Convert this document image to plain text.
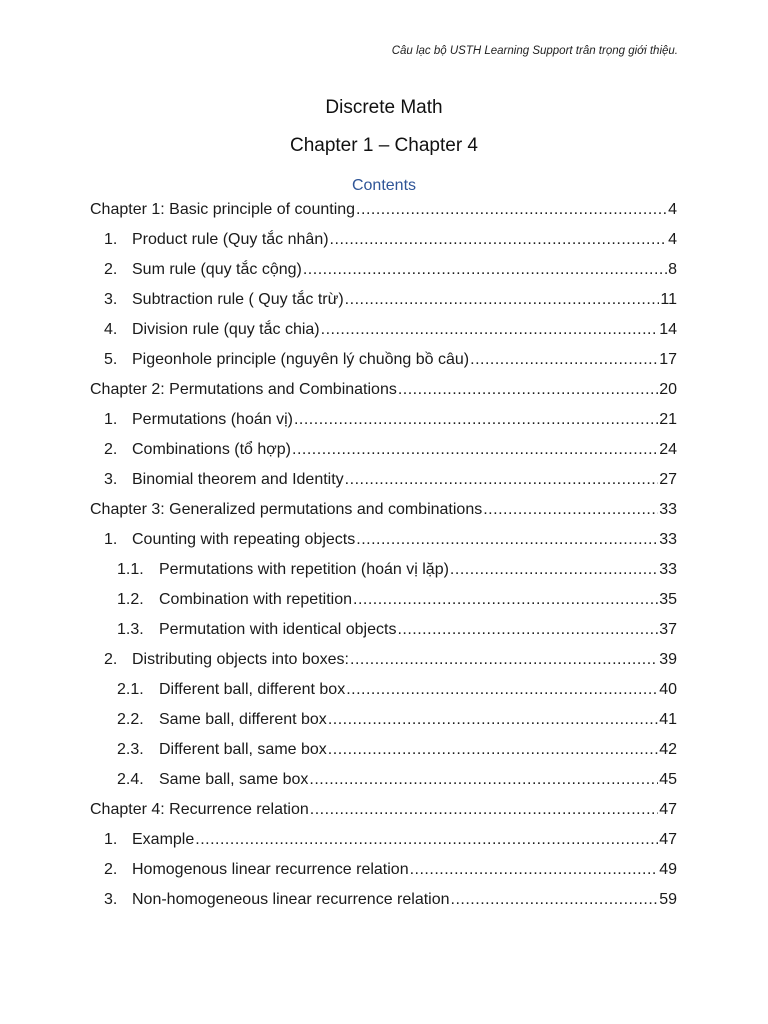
Câu lạc bộ USTH Learning Support trân trọng giới thiệu.
Discrete Math
Chapter 1 – Chapter 4
Contents
Chapter 1: Basic principle of counting .....	4
1. Product rule (Quy tắc nhân) .....	4
2. Sum rule (quy tắc cộng) .....	8
3. Subtraction rule ( Quy tắc trừ) .....	11
4. Division rule (quy tắc chia) .....	14
5. Pigeonhole principle (nguyên lý chuồng bồ câu) .....	17
Chapter 2: Permutations and Combinations .....	20
1. Permutations (hoán vị) .....	21
2. Combinations (tổ hợp) .....	24
3. Binomial theorem and Identity .....	27
Chapter 3: Generalized permutations and combinations .....	33
1. Counting with repeating objects .....	33
1.1. Permutations with repetition (hoán vị lặp) .....	33
1.2. Combination with repetition .....	35
1.3. Permutation with identical objects .....	37
2. Distributing objects into boxes: .....	39
2.1. Different ball, different box .....	40
2.2. Same ball, different box .....	41
2.3. Different ball, same box .....	42
2.4. Same ball, same box .....	45
Chapter 4: Recurrence relation .....	47
1. Example .....	47
2. Homogenous linear recurrence relation .....	49
3. Non-homogeneous linear recurrence relation .....	59
